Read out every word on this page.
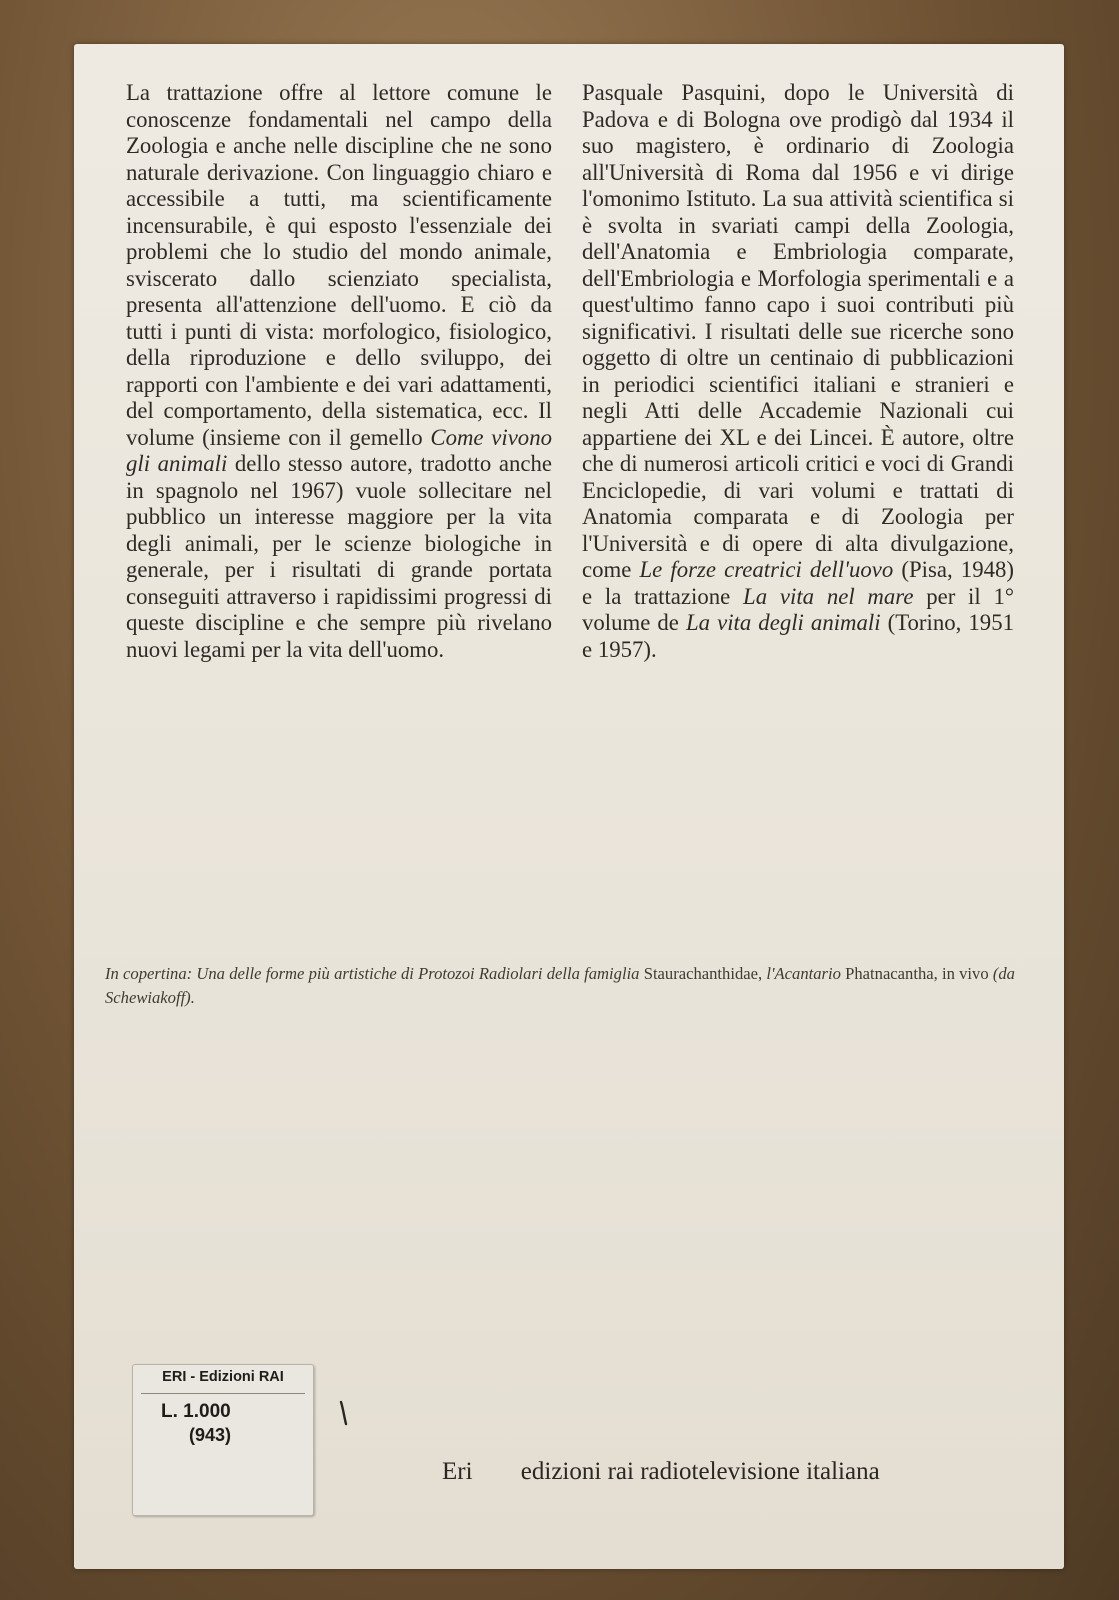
La trattazione offre al lettore comune le conoscenze fondamentali nel campo della Zoologia e anche nelle discipline che ne sono naturale derivazione. Con linguaggio chiaro e accessibile a tutti, ma scientificamente incensurabile, è qui esposto l'essenziale dei problemi che lo studio del mondo animale, sviscerato dallo scienziato specialista, presenta all'attenzione dell'uomo. E ciò da tutti i punti di vista: morfologico, fisiologico, della riproduzione e dello sviluppo, dei rapporti con l'ambiente e dei vari adattamenti, del comportamento, della sistematica, ecc. Il volume (insieme con il gemello Come vivono gli animali dello stesso autore, tradotto anche in spagnolo nel 1967) vuole sollecitare nel pubblico un interesse maggiore per la vita degli animali, per le scienze biologiche in generale, per i risultati di grande portata conseguiti attraverso i rapidissimi progressi di queste discipline e che sempre più rivelano nuovi legami per la vita dell'uomo.

Pasquale Pasquini, dopo le Università di Padova e di Bologna ove prodigò dal 1934 il suo magistero, è ordinario di Zoologia all'Università di Roma dal 1956 e vi dirige l'omonimo Istituto. La sua attività scientifica si è svolta in svariati campi della Zoologia, dell'Anatomia e Embriologia comparate, dell'Embriologia e Morfologia sperimentali e a quest'ultimo fanno capo i suoi contributi più significativi. I risultati delle sue ricerche sono oggetto di oltre un centinaio di pubblicazioni in periodici scientifici italiani e stranieri e negli Atti delle Accademie Nazionali cui appartiene dei XL e dei Lincei. È autore, oltre che di numerosi articoli critici e voci di Grandi Enciclopedie, di vari volumi e trattati di Anatomia comparata e di Zoologia per l'Università e di opere di alta divulgazione, come Le forze creatrici dell'uovo (Pisa, 1948) e la trattazione La vita nel mare per il 1° volume de La vita degli animali (Torino, 1951 e 1957).

In copertina: Una delle forme più artistiche di Protozoi Radiolari della famiglia Staurachanthidae, l'Acantario Phatnacantha, in vivo (da Schewiakoff).
Eri edizioni rai radiotelevisione italiana
ERI - Edizioni RAI
L. 1.000
(943)
